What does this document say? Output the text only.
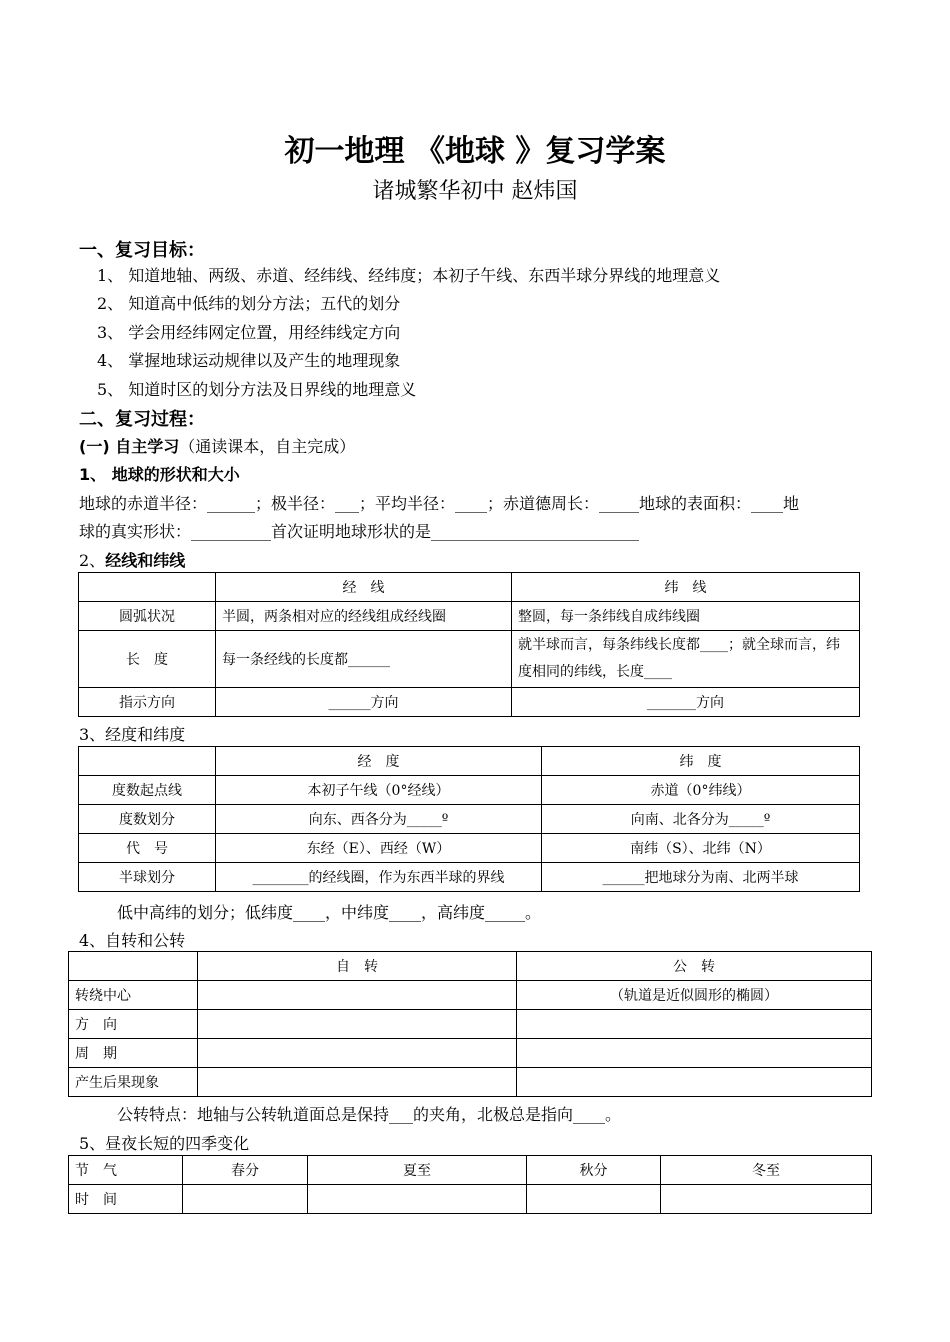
初一地理 《地球 》复习学案
诸城繁华初中 赵炜国
一、复习目标：
1、 知道地轴、两级、赤道、经纬线、经纬度；本初子午线、东西半球分界线的地理意义
2、 知道高中低纬的划分方法；五代的划分
3、 学会用经纬网定位置，用经纬线定方向
4、 掌握地球运动规律以及产生的地理现象
5、 知道时区的划分方法及日界线的地理意义
二、复习过程：
(一) 自主学习（通读课本，自主完成）
1、 地球的形状和大小
地球的赤道半径：______；极半径：___；平均半径：____；赤道德周长：_____地球的表面积：____地
球的真实形状：__________首次证明地球形状的是__________________________
2、经线和纬线
	经　线	纬　线
圆弧状况	半圆，两条相对应的经线组成经线圈	整圆，每一条纬线自成纬线圈
长　度	每一条经线的长度都______	就半球而言，每条纬线长度都____；就全球而言，纬度相同的纬线，长度____
指示方向	______方向	_______方向
3、经度和纬度
	经　度	纬　度
度数起点线	本初子午线（0°经线）	赤道（0°纬线）
度数划分	向东、西各分为_____º	向南、北各分为_____º
代　号	东经（E）、西经（W）	南纬（S）、北纬（N）
半球划分	________的经线圈，作为东西半球的界线	______把地球分为南、北两半球
低中高纬的划分；低纬度____，中纬度____，高纬度_____。
4、自转和公转
	自　转	公　转
转绕中心		（轨道是近似圆形的椭圆）
方　向		
周　期		
产生后果现象		
公转特点：地轴与公转轨道面总是保持___的夹角，北极总是指向____。
5、昼夜长短的四季变化
节　气	春分	夏至	秋分	冬至
时　间				
